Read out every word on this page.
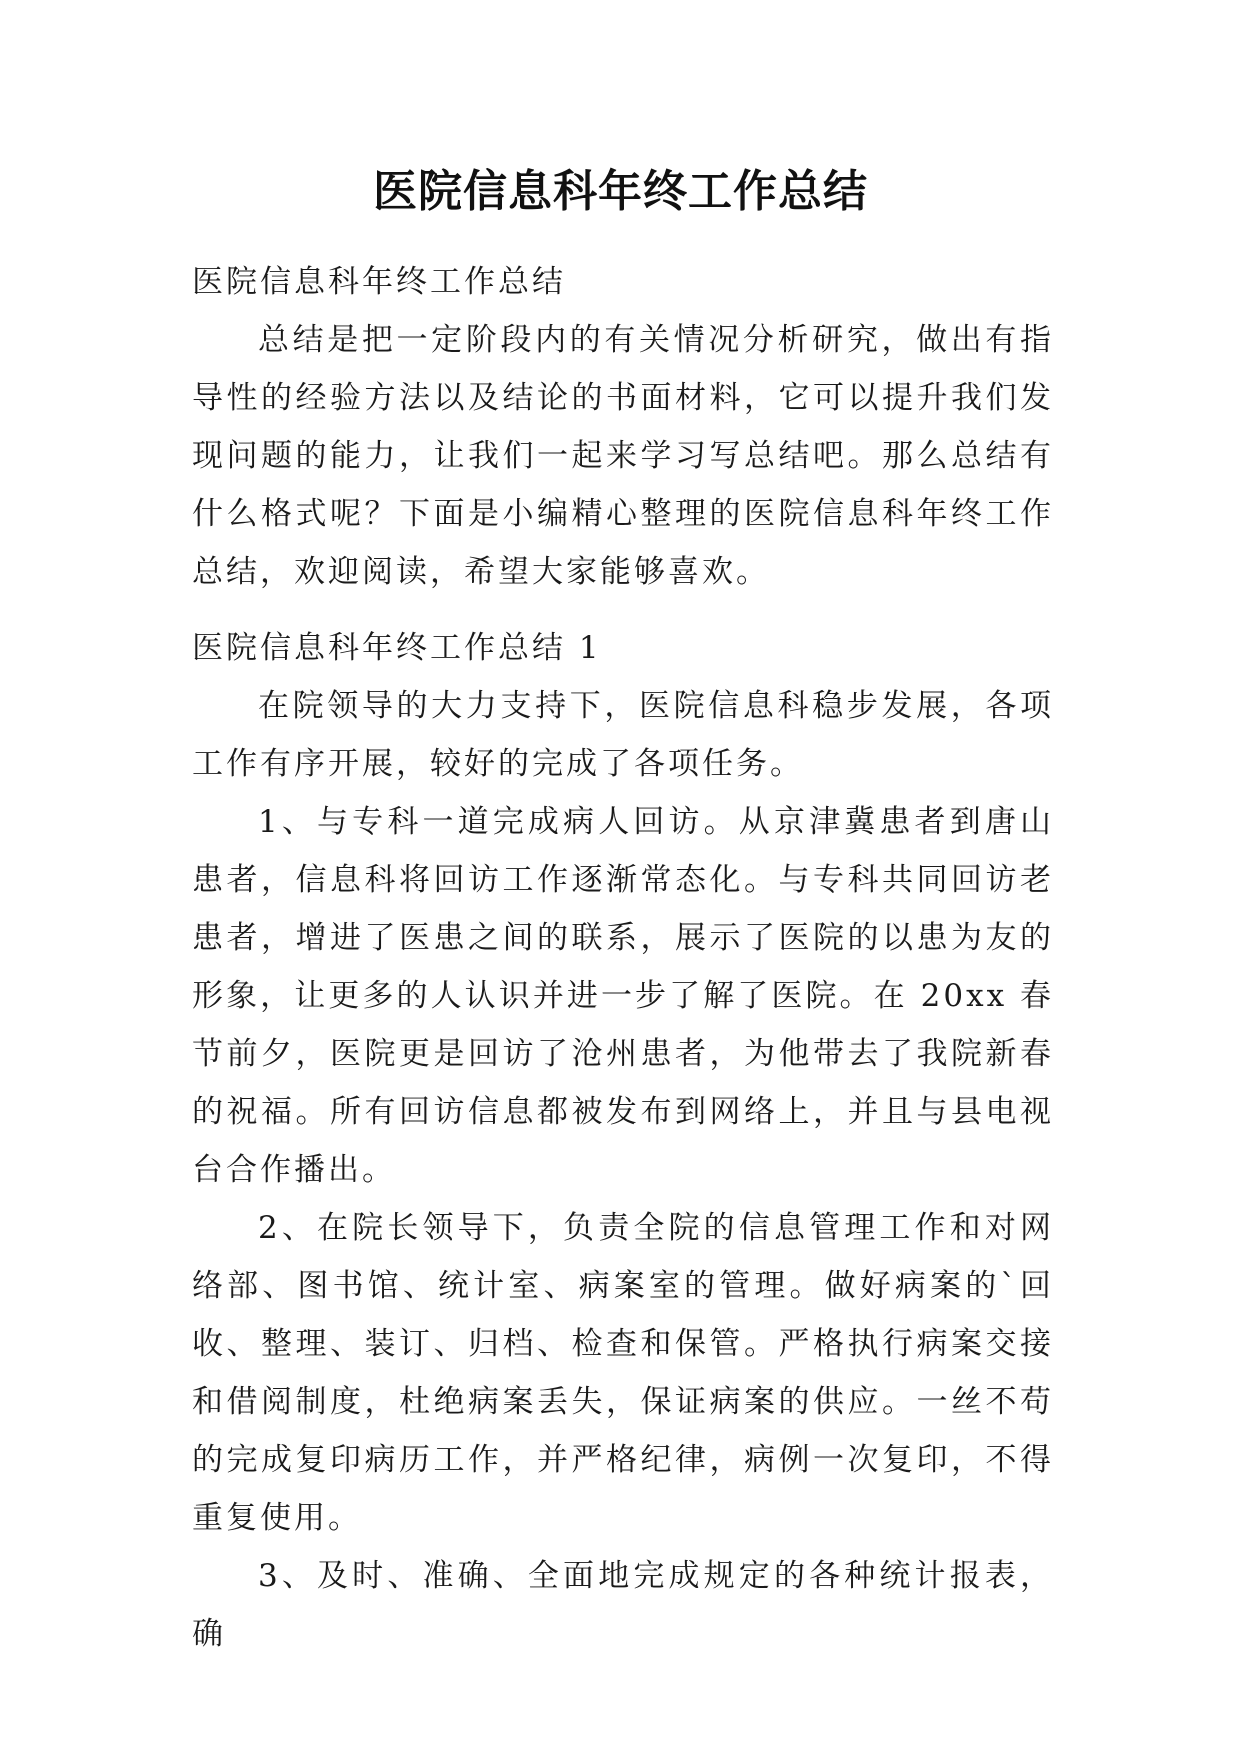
医院信息科年终工作总结

医院信息科年终工作总结

总结是把一定阶段内的有关情况分析研究，做出有指导性的经验方法以及结论的书面材料，它可以提升我们发现问题的能力，让我们一起来学习写总结吧。那么总结有什么格式呢？下面是小编精心整理的医院信息科年终工作总结，欢迎阅读，希望大家能够喜欢。

医院信息科年终工作总结 1

在院领导的大力支持下，医院信息科稳步发展，各项工作有序开展，较好的完成了各项任务。

1、与专科一道完成病人回访。从京津冀患者到唐山患者，信息科将回访工作逐渐常态化。与专科共同回访老患者，增进了医患之间的联系，展示了医院的以患为友的形象，让更多的人认识并进一步了解了医院。在 20xx 春节前夕，医院更是回访了沧州患者，为他带去了我院新春的祝福。所有回访信息都被发布到网络上，并且与县电视台合作播出。

2、在院长领导下，负责全院的信息管理工作和对网络部、图书馆、统计室、病案室的管理。做好病案的`回收、整理、装订、归档、检查和保管。严格执行病案交接和借阅制度，杜绝病案丢失，保证病案的供应。一丝不苟的完成复印病历工作，并严格纪律，病例一次复印，不得重复使用。

3、及时、准确、全面地完成规定的各种统计报表，确
